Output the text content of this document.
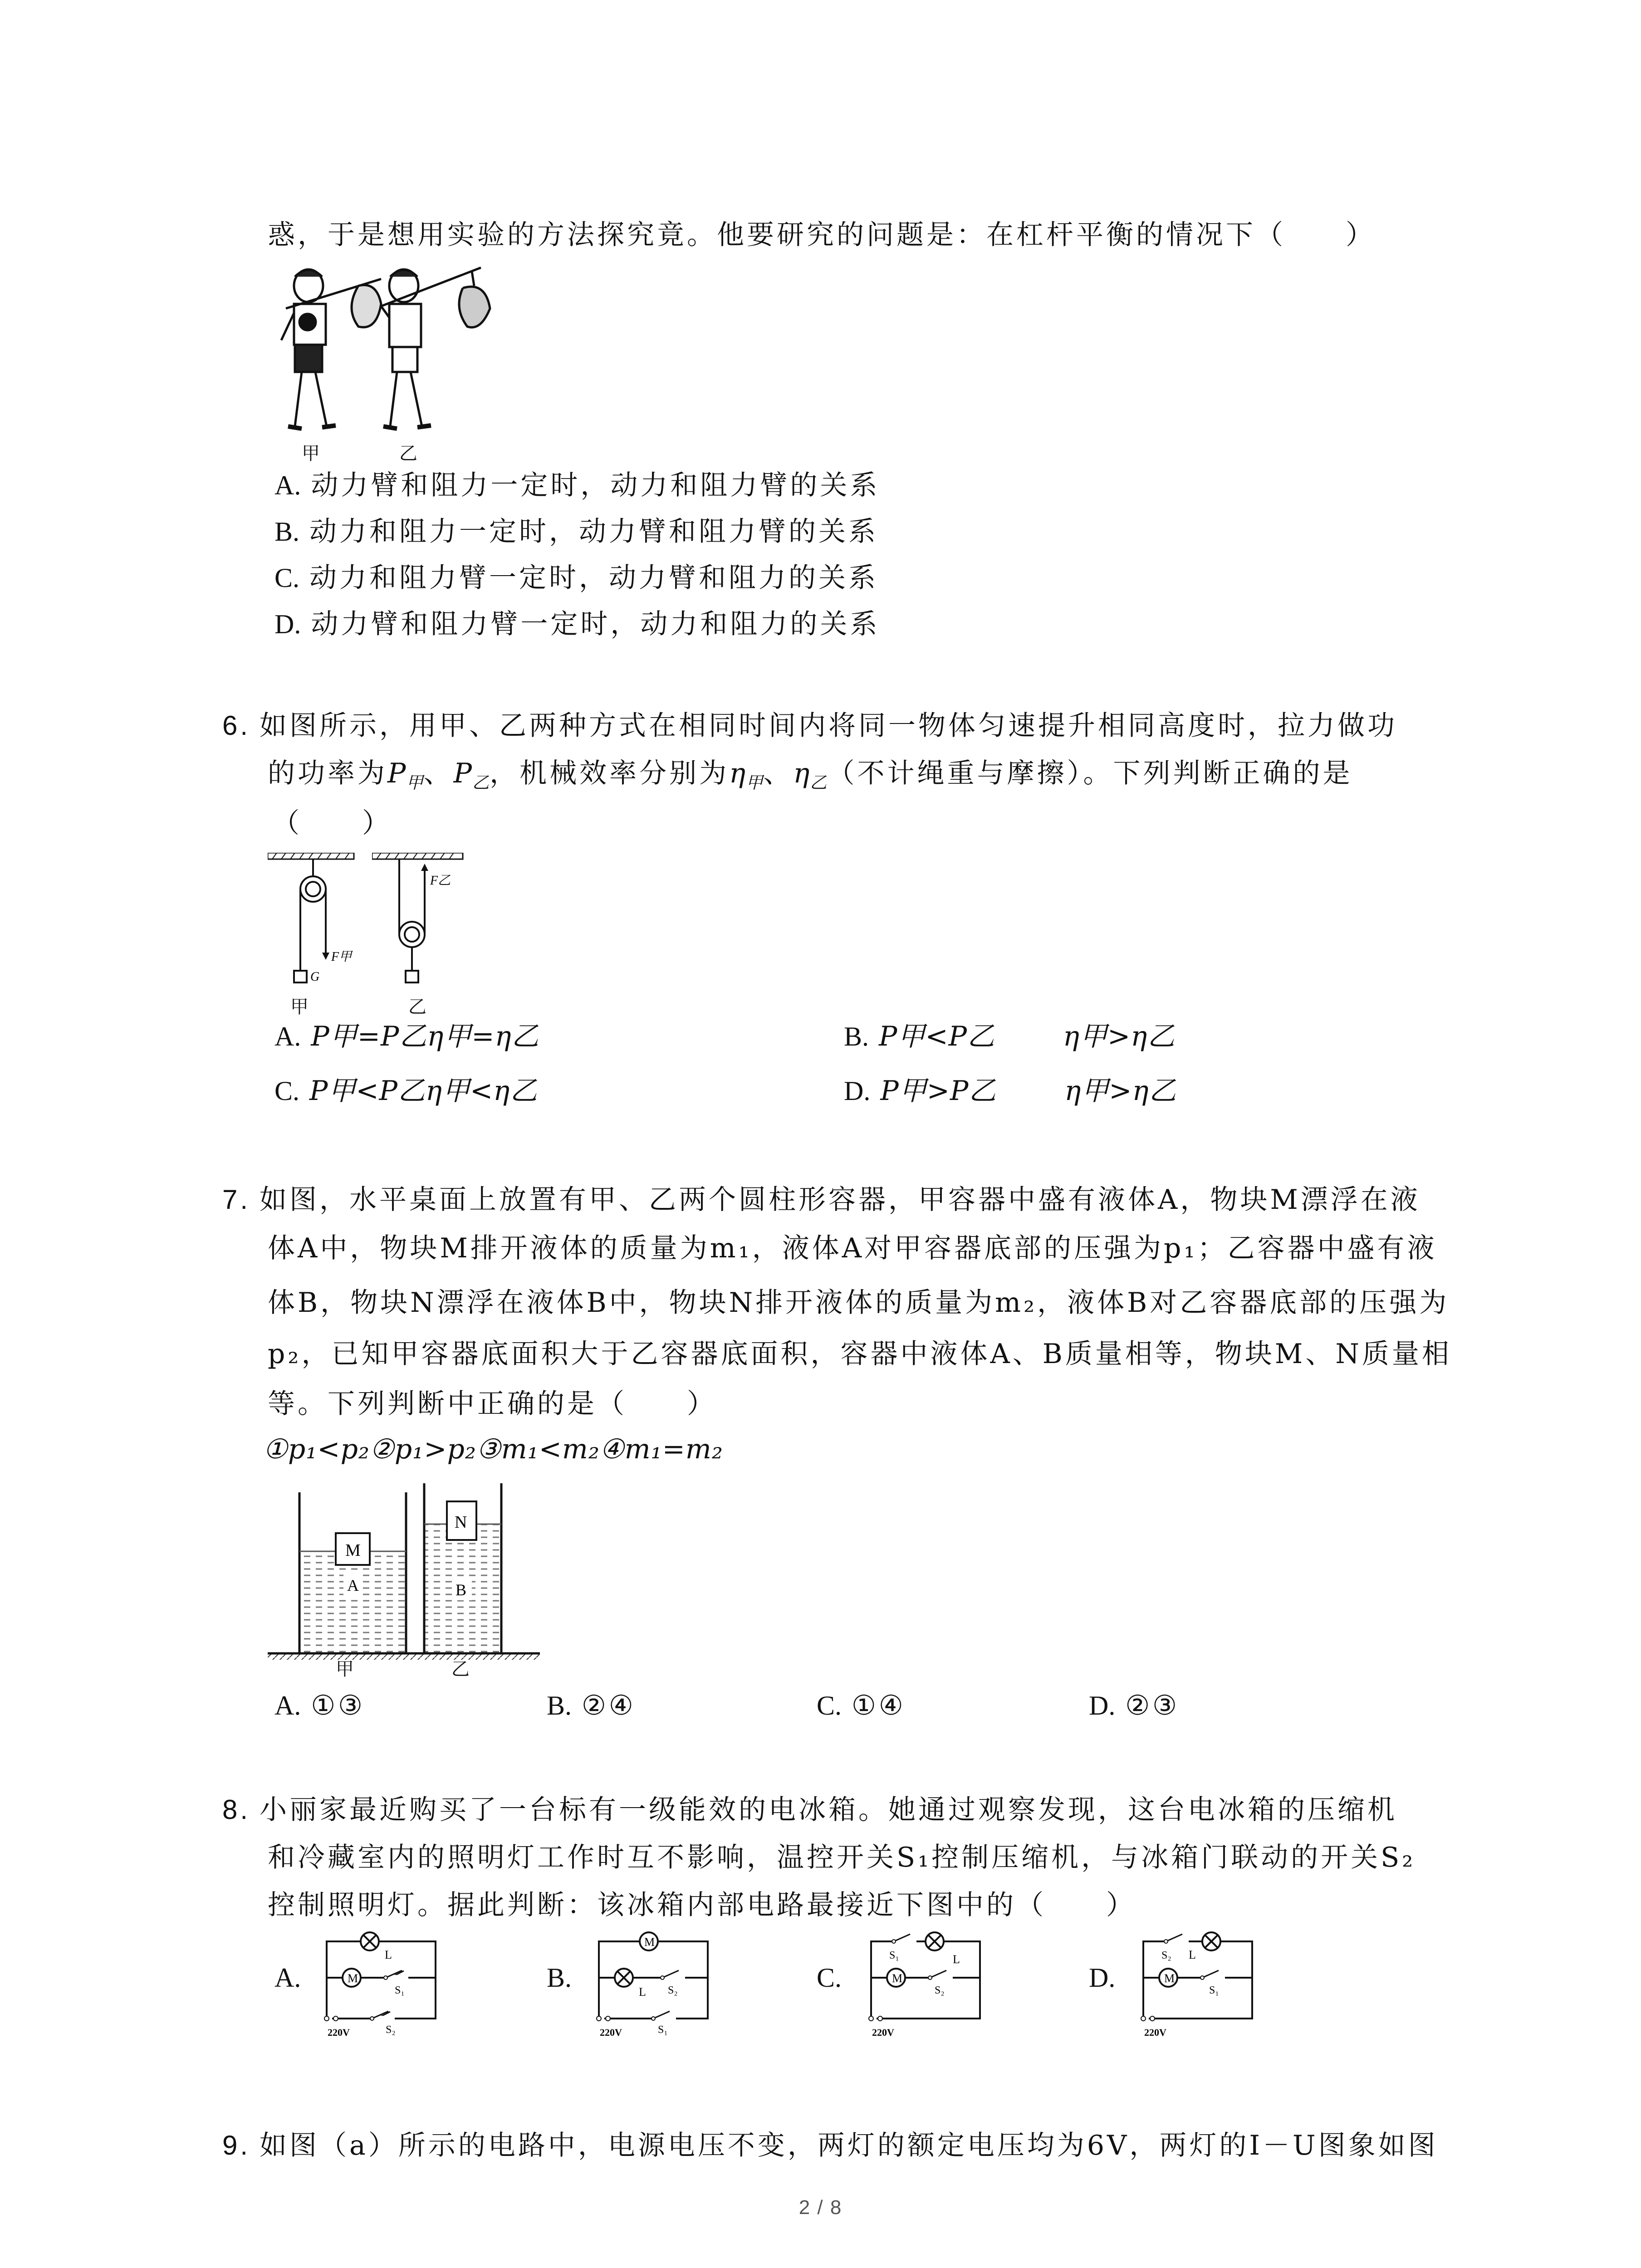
惑，于是想用实验的方法探究竟。他要研究的问题是：在杠杆平衡的情况下（　　）
甲	乙
A. 动力臂和阻力一定时，动力和阻力臂的关系
B. 动力和阻力一定时，动力臂和阻力臂的关系
C. 动力和阻力臂一定时，动力臂和阻力的关系
D. 动力臂和阻力臂一定时，动力和阻力的关系
6. 如图所示，用甲、乙两种方式在相同时间内将同一物体匀速提升相同高度时，拉力做功
的功率为$P_甲$、$P_乙$，机械效率分别为$\eta_甲$、$\eta_乙$（不计绳重与摩擦）。下列判断正确的是
（　　）
F甲
G
F乙
甲	乙
A. P甲=P乙η甲=η乙	B. P甲<P乙	η甲>η乙
C. P甲<P乙η甲<η乙	D. P甲>P乙	η甲>η乙
7. 如图，水平桌面上放置有甲、乙两个圆柱形容器，甲容器中盛有液体A，物块M漂浮在液
体A中，物块M排开液体的质量为m₁，液体A对甲容器底部的压强为p₁；乙容器中盛有液
体B，物块N漂浮在液体B中，物块N排开液体的质量为m₂，液体B对乙容器底部的压强为
p₂，已知甲容器底面积大于乙容器底面积，容器中液体A、B质量相等，物块M、N质量相
等。下列判断中正确的是（　　）
①p₁<p₂②p₁>p₂③m₁<m₂④m₁=m₂
M
A
N
B
甲	乙
A. ①③	B. ②④	C. ①④	D. ②③
8. 小丽家最近购买了一台标有一级能效的电冰箱。她通过观察发现，这台电冰箱的压缩机
和冷藏室内的照明灯工作时互不影响，温控开关S₁控制压缩机，与冰箱门联动的开关S₂
控制照明灯。据此判断：该冰箱内部电路最接近下图中的（　　）
A.	M
L
S₁
S₂
220V
B.
M
L S₂
S₁
220V
C.
S₁	L
M
S₂
220V
D.
S₂ L
M
S₁
220V
9. 如图（a）所示的电路中，电源电压不变，两灯的额定电压均为6V，两灯的I－U图象如图
2 / 8
